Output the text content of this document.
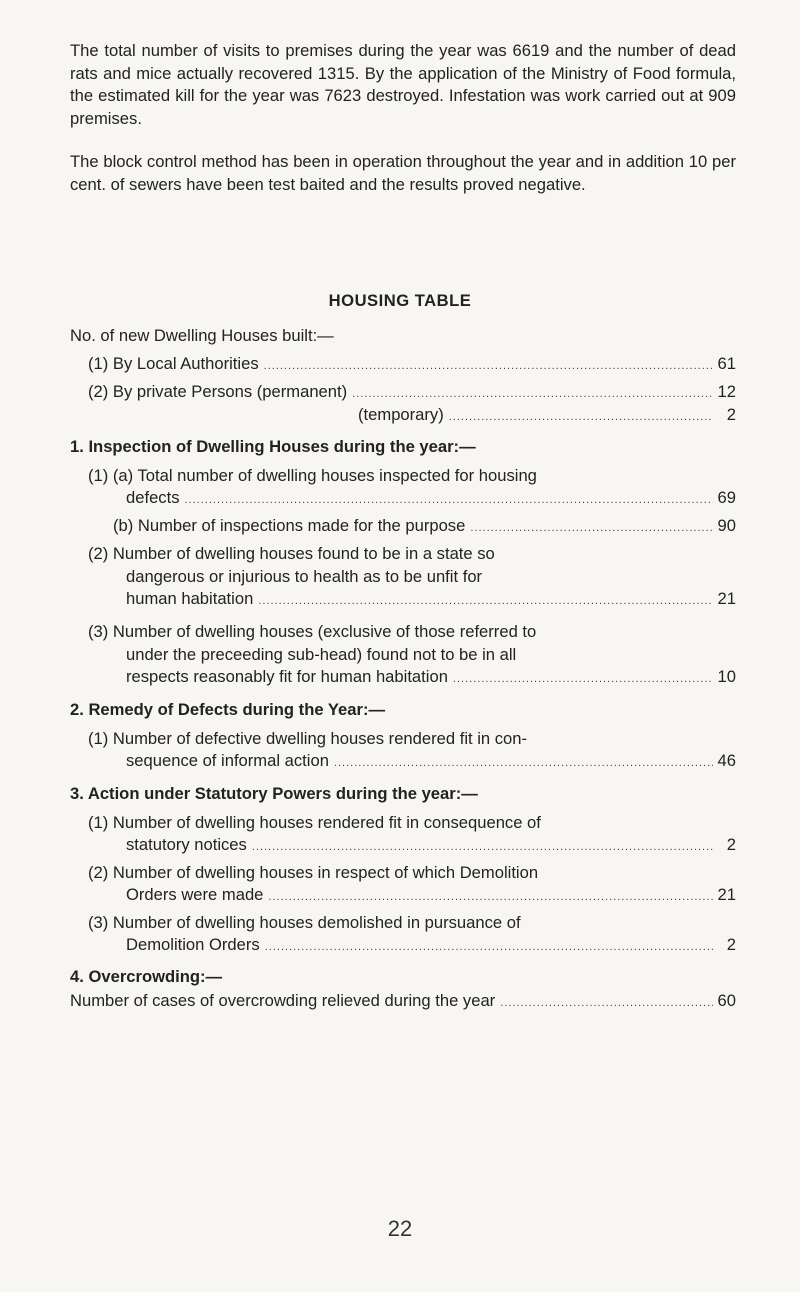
The total number of visits to premises during the year was 6619 and the number of dead rats and mice actually recovered 1315. By the application of the Ministry of Food formula, the estimated kill for the year was 7623 destroyed. Infestation was work carried out at 909 premises.

The block control method has been in operation throughout the year and in addition 10 per cent. of sewers have been test baited and the results proved negative.

HOUSING TABLE

No. of new Dwelling Houses built:—

(1) By Local Authorities .....	61
(2) By private Persons (permanent) .....	12
(temporary) .....	2

1. Inspection of Dwelling Houses during the year:—

(1) (a) Total number of dwelling houses inspected for housing

defects .....	69
(b) Number of inspections made for the purpose .....	90

(2) Number of dwelling houses found to be in a state so

dangerous or injurious to health as to be unfit for

human habitation .....	21

(3) Number of dwelling houses (exclusive of those referred to

under the preceeding sub-head) found not to be in all

respects reasonably fit for human habitation .....	10

2. Remedy of Defects during the Year:—

(1) Number of defective dwelling houses rendered fit in con-

sequence of informal action .....	46

3. Action under Statutory Powers during the year:—

(1) Number of dwelling houses rendered fit in consequence of

statutory notices .....	2

(2) Number of dwelling houses in respect of which Demolition

Orders were made .....	21

(3) Number of dwelling houses demolished in pursuance of

Demolition Orders .....	2

4. Overcrowding:—

Number of cases of overcrowding relieved during the year .....	60

22
